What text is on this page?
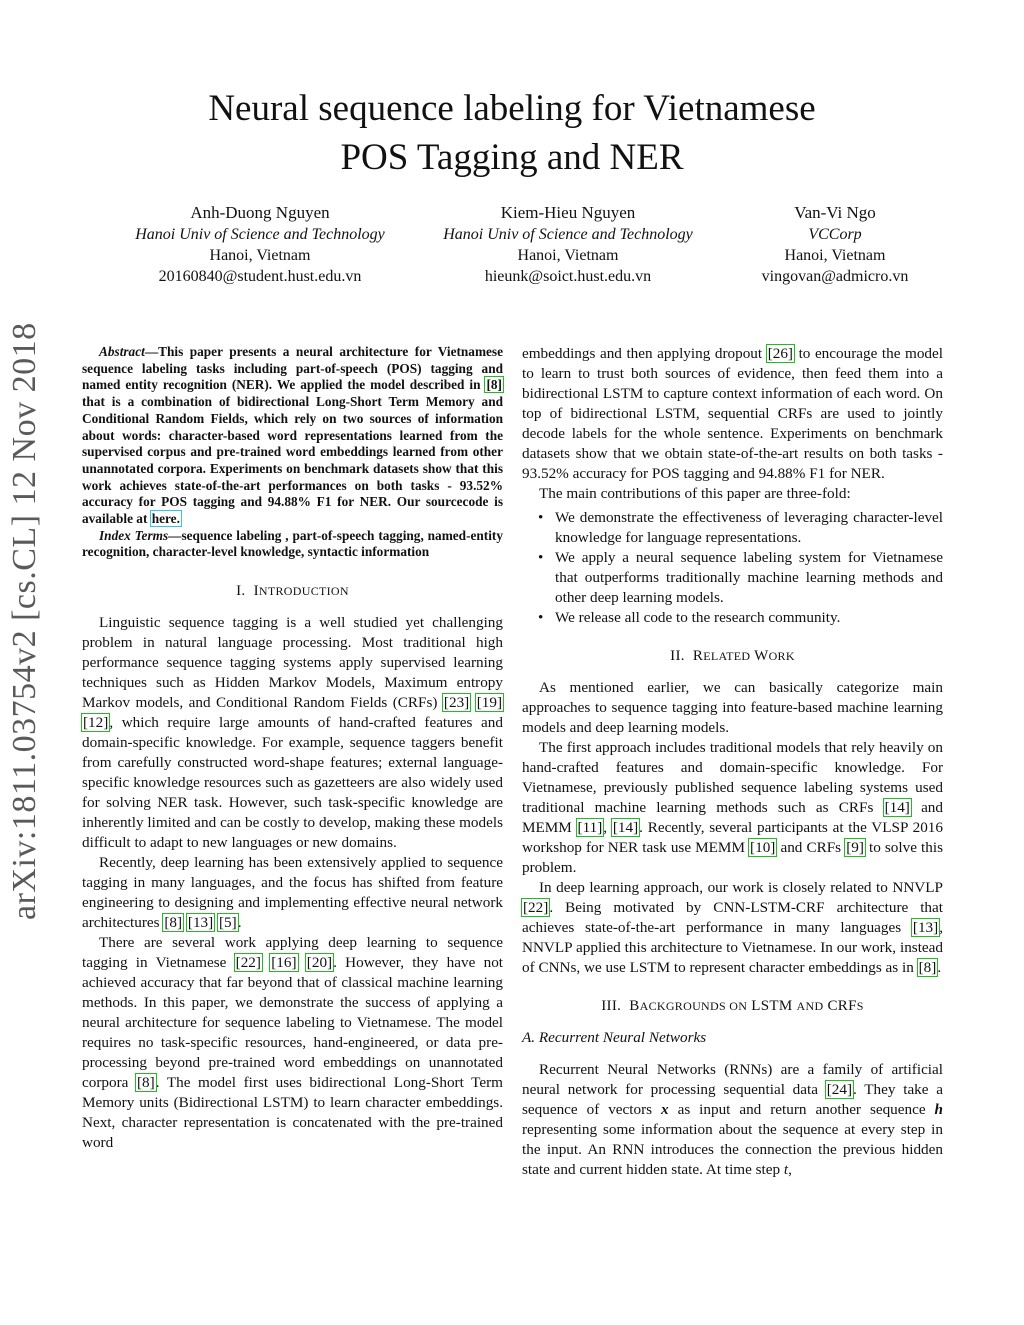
arXiv:1811.03754v2 [cs.CL] 12 Nov 2018
Neural sequence labeling for Vietnamese
POS Tagging and NER
Anh-Duong Nguyen
Hanoi Univ of Science and Technology
Hanoi, Vietnam
20160840@student.hust.edu.vn
Kiem-Hieu Nguyen
Hanoi Univ of Science and Technology
Hanoi, Vietnam
hieunk@soict.hust.edu.vn
Van-Vi Ngo
VCCorp
Hanoi, Vietnam
vingovan@admicro.vn

Abstract—This paper presents a neural architecture for Vietnamese sequence labeling tasks including part-of-speech (POS) tagging and named entity recognition (NER). We applied the model described in [8] that is a combination of bidirectional Long-Short Term Memory and Conditional Random Fields, which rely on two sources of information about words: character-based word representations learned from the supervised corpus and pre-trained word embeddings learned from other unannotated corpora. Experiments on benchmark datasets show that this work achieves state-of-the-art performances on both tasks - 93.52% accuracy for POS tagging and 94.88% F1 for NER. Our sourcecode is available at here.

Index Terms—sequence labeling , part-of-speech tagging, named-entity recognition, character-level knowledge, syntactic information

I. INTRODUCTION

Linguistic sequence tagging is a well studied yet challenging problem in natural language processing. Most traditional high performance sequence tagging systems apply supervised learning techniques such as Hidden Markov Models, Maximum entropy Markov models, and Conditional Random Fields (CRFs) [23] [19] [12], which require large amounts of hand-crafted features and domain-specific knowledge. For example, sequence taggers benefit from carefully constructed word-shape features; external language-specific knowledge resources such as gazetteers are also widely used for solving NER task. However, such task-specific knowledge are inherently limited and can be costly to develop, making these models difficult to adapt to new languages or new domains.

Recently, deep learning has been extensively applied to sequence tagging in many languages, and the focus has shifted from feature engineering to designing and implementing effective neural network architectures [8] [13] [5].

There are several work applying deep learning to sequence tagging in Vietnamese [22] [16] [20]. However, they have not achieved accuracy that far beyond that of classical machine learning methods. In this paper, we demonstrate the success of applying a neural architecture for sequence labeling to Vietnamese. The model requires no task-specific resources, hand-engineered, or data pre-processing beyond pre-trained word embeddings on unannotated corpora [8]. The model first uses bidirectional Long-Short Term Memory units (Bidirectional LSTM) to learn character embeddings. Next, character representation is concatenated with the pre-trained word

embeddings and then applying dropout [26] to encourage the model to learn to trust both sources of evidence, then feed them into a bidirectional LSTM to capture context information of each word. On top of bidirectional LSTM, sequential CRFs are used to jointly decode labels for the whole sentence. Experiments on benchmark datasets show that we obtain state-of-the-art results on both tasks - 93.52% accuracy for POS tagging and 94.88% F1 for NER.

The main contributions of this paper are three-fold:

• We demonstrate the effectiveness of leveraging character-level knowledge for language representations.
• We apply a neural sequence labeling system for Vietnamese that outperforms traditionally machine learning methods and other deep learning models.
• We release all code to the research community.
II. RELATED WORK

As mentioned earlier, we can basically categorize main approaches to sequence tagging into feature-based machine learning models and deep learning models.

The first approach includes traditional models that rely heavily on hand-crafted features and domain-specific knowledge. For Vietnamese, previously published sequence labeling systems used traditional machine learning methods such as CRFs [14] and MEMM [11], [14]. Recently, several participants at the VLSP 2016 workshop for NER task use MEMM [10] and CRFs [9] to solve this problem.

In deep learning approach, our work is closely related to NNVLP [22]. Being motivated by CNN-LSTM-CRF architecture that achieves state-of-the-art performance in many languages [13], NNVLP applied this architecture to Vietnamese. In our work, instead of CNNs, we use LSTM to represent character embeddings as in [8].

III. BACKGROUNDS ON LSTM AND CRFS
A. Recurrent Neural Networks

Recurrent Neural Networks (RNNs) are a family of artificial neural network for processing sequential data [24]. They take a sequence of vectors x as input and return another sequence h representing some information about the sequence at every step in the input. An RNN introduces the connection the previous hidden state and current hidden state. At time step t,
